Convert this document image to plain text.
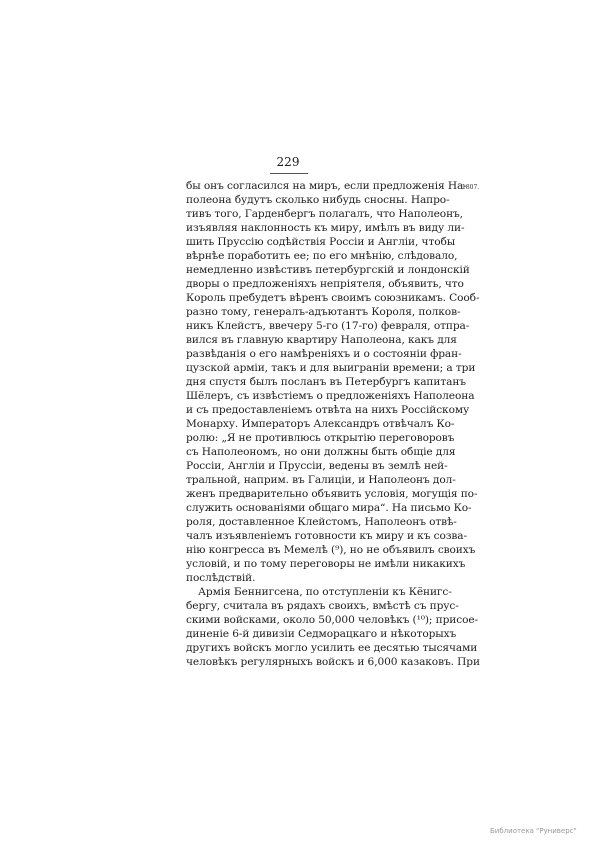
229
1807.
бы онъ согласился на миръ, если предложенія На-
полеона будутъ сколько нибудь сносны. Напро-
тивъ того, Гарденбергъ полагалъ, что Наполеонъ,
изъявляя наклонность къ миру, имѣлъ въ виду ли-
шить Пруссію содѣйствія Россіи и Англіи, чтобы
вѣрнѣе поработить ее; по его мнѣнію, слѣдовало,
немедленно извѣстивъ петербургскій и лондонскій
дворы о предложеніяхъ непріятеля, объявить, что
Король пребудетъ вѣренъ своимъ союзникамъ. Сооб-
разно тому, генералъ-адъютантъ Короля, полков-
никъ Клейстъ, ввечеру 5-го (17-го) февраля, отпра-
вился въ главную квартиру Наполеона, какъ для
развѣданія о его намѣреніяхъ и о состояніи фран-
цузской арміи, такъ и для выиграніи времени; а три
дня спустя былъ посланъ въ Петербургъ капитанъ
Шёлеръ, съ извѣстіемъ о предложеніяхъ Наполеона
и съ предоставленіемъ отвѣта на нихъ Россійскому
Монарху. Императоръ Александръ отвѣчалъ Ко-
ролю: „Я не противлюсь открытію переговоровъ
съ Наполеономъ, но они должны быть общіе для
Россіи, Англіи и Пруссіи, ведены въ землѣ ней-
тральной, наприм. въ Галиціи, и Наполеонъ дол-
женъ предварительно объявить условія, могущія по-
служить основаніями общаго мира“. На письмо Ко-
роля, доставленное Клейстомъ, Наполеонъ отвѣ-
чалъ изъявленіемъ готовности къ миру и къ созва-
нію конгресса въ Мемелѣ (⁹), но не объявилъ своихъ
условій, и по тому переговоры не имѣли никакихъ
послѣдствій.
Армія Беннигсена, по отступленіи къ Кёнигс-
бергу, считала въ рядахъ своихъ, вмѣстѣ съ прус-
скими войсками, около 50,000 человѣкъ (¹⁰); присое-
диненіе 6-й дивизіи Седморацкаго и нѣкоторыхъ
другихъ войскъ могло усилить ее десятью тысячами
человѣкъ регулярныхъ войскъ и 6,000 казаковъ. При
Библиотека "Руниверс"
